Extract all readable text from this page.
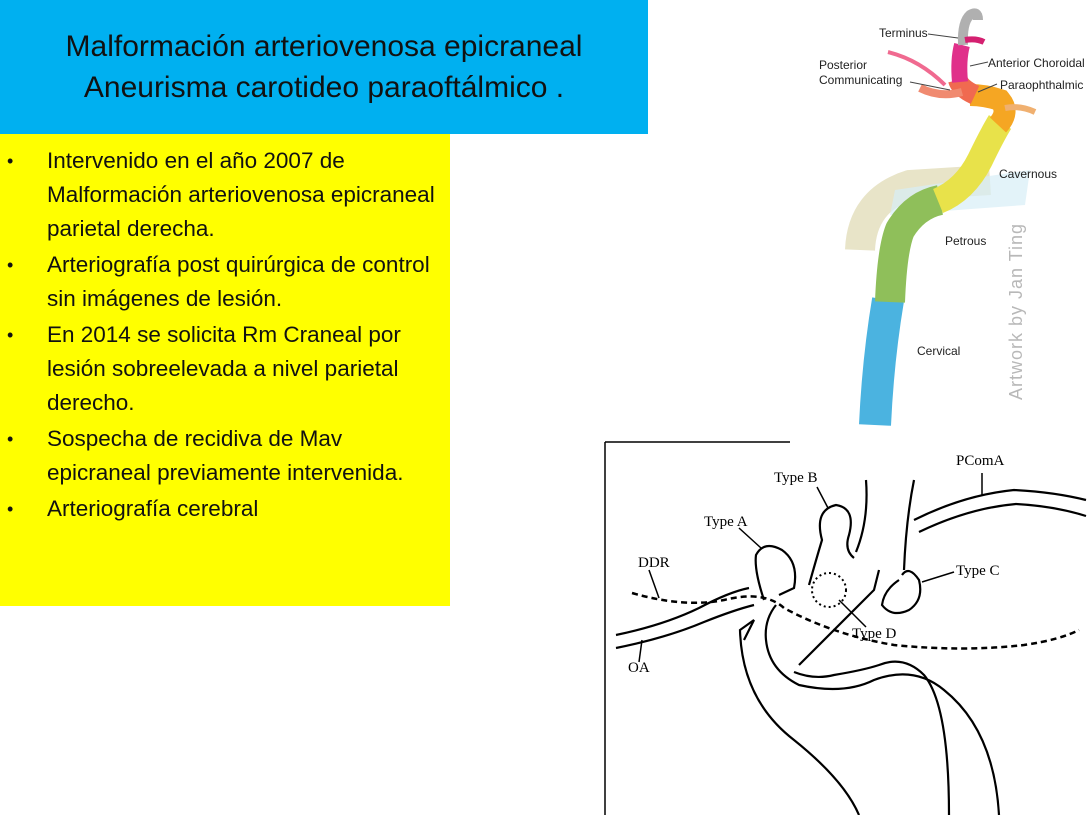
Malformación arteriovenosa epicraneal
Aneurisma carotideo paraoftálmico .
• Intervenido en el año 2007 de Malformación arteriovenosa epicraneal parietal derecha.
• Arteriografía post quirúrgica de control sin imágenes de lesión.
• En 2014 se solicita Rm Craneal por lesión sobreelevada a nivel parietal derecho.
• Sospecha de recidiva de Mav epicraneal previamente intervenida.
• Arteriografía cerebral
Terminus
Posterior
Communicating
Anterior Choroidal
Paraophthalmic
Cavernous
Petrous
Cervical	Artwork by Jan Ting
Type A
Type B
Type C
Type D
PComA
DDR
OA
